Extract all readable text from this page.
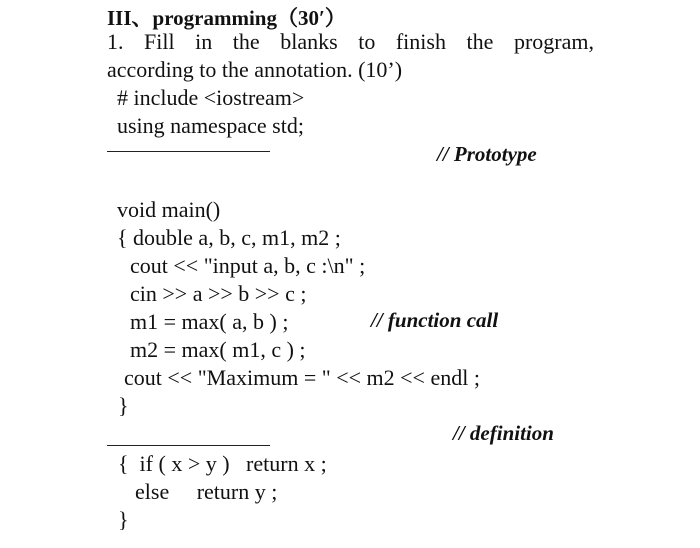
III、programming（30′）
1. Fill in the blanks to finish the program,
according to the annotation. (10’)
# include <iostream>
using namespace std;
// Prototype
void main()
{ double a, b, c, m1, m2 ;
cout << "input a, b, c :\n" ;
cin >> a >> b >> c ;
m1 = max( a, b ) ;	// function call
m2 = max( m1, c ) ;
cout << "Maximum = " << m2 << endl ;
}
// definition
{  if ( x > y )   return x ;
else     return y ;
}
